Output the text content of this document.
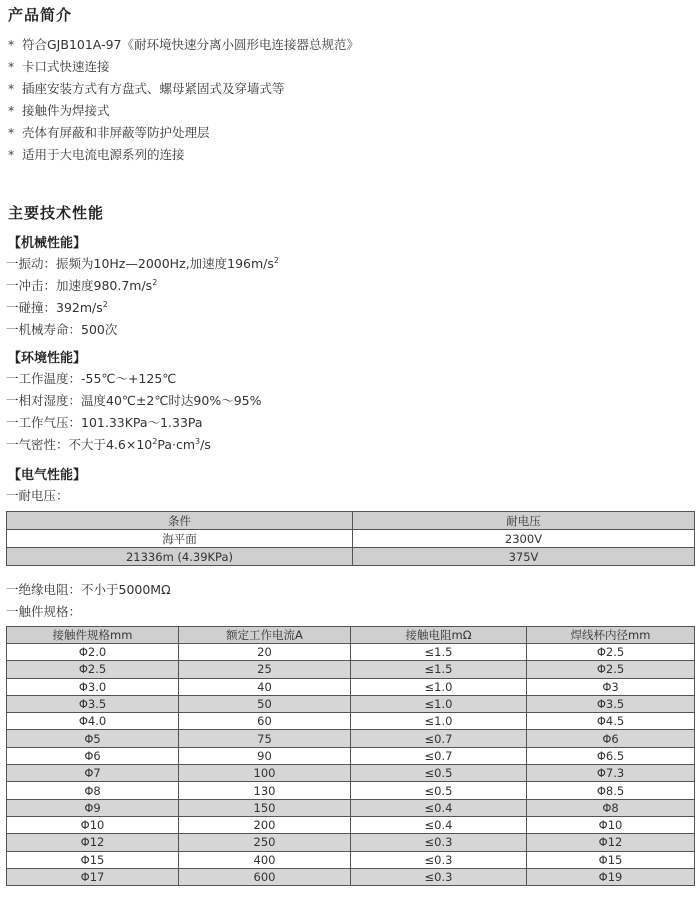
产品简介
* 符合GJB101A-97《耐环境快速分离小圆形电连接器总规范》
* 卡口式快速连接
* 插座安装方式有方盘式、螺母紧固式及穿墙式等
* 接触件为焊接式
* 壳体有屏蔽和非屏蔽等防护处理层
* 适用于大电流电源系列的连接
主要技术性能
【机械性能】
一振动：振频为10Hz—2000Hz,加速度$196m/s^2$
一冲击：加速度$980.7m/s^2$
一碰撞：$392m/s^2$
一机械寿命：500次
【环境性能】
一工作温度：-55℃～+125℃
一相对湿度：温度40℃±2℃时达90%～95%
一工作气压：101.33KPa～1.33Pa
一气密性：不大于$4.6\times 10^2Pa\cdot cm^3/s$
【电气性能】
一耐电压：
条件	耐电压
海平面	2300V
21336m (4.39KPa)	375V
一绝缘电阻：不小于5000MΩ
一触件规格：
接触件规格mm	额定工作电流A	接触电阻mΩ	焊线杯内径mm
Φ2.0	20	≤1.5	Φ2.5
Φ2.5	25	≤1.5	Φ2.5
Φ3.0	40	≤1.0	Φ3
Φ3.5	50	≤1.0	Φ3.5
Φ4.0	60	≤1.0	Φ4.5
Φ5	75	≤0.7	Φ6
Φ6	90	≤0.7	Φ6.5
Φ7	100	≤0.5	Φ7.3
Φ8	130	≤0.5	Φ8.5
Φ9	150	≤0.4	Φ8
Φ10	200	≤0.4	Φ10
Φ12	250	≤0.3	Φ12
Φ15	400	≤0.3	Φ15
Φ17	600	≤0.3	Φ19
